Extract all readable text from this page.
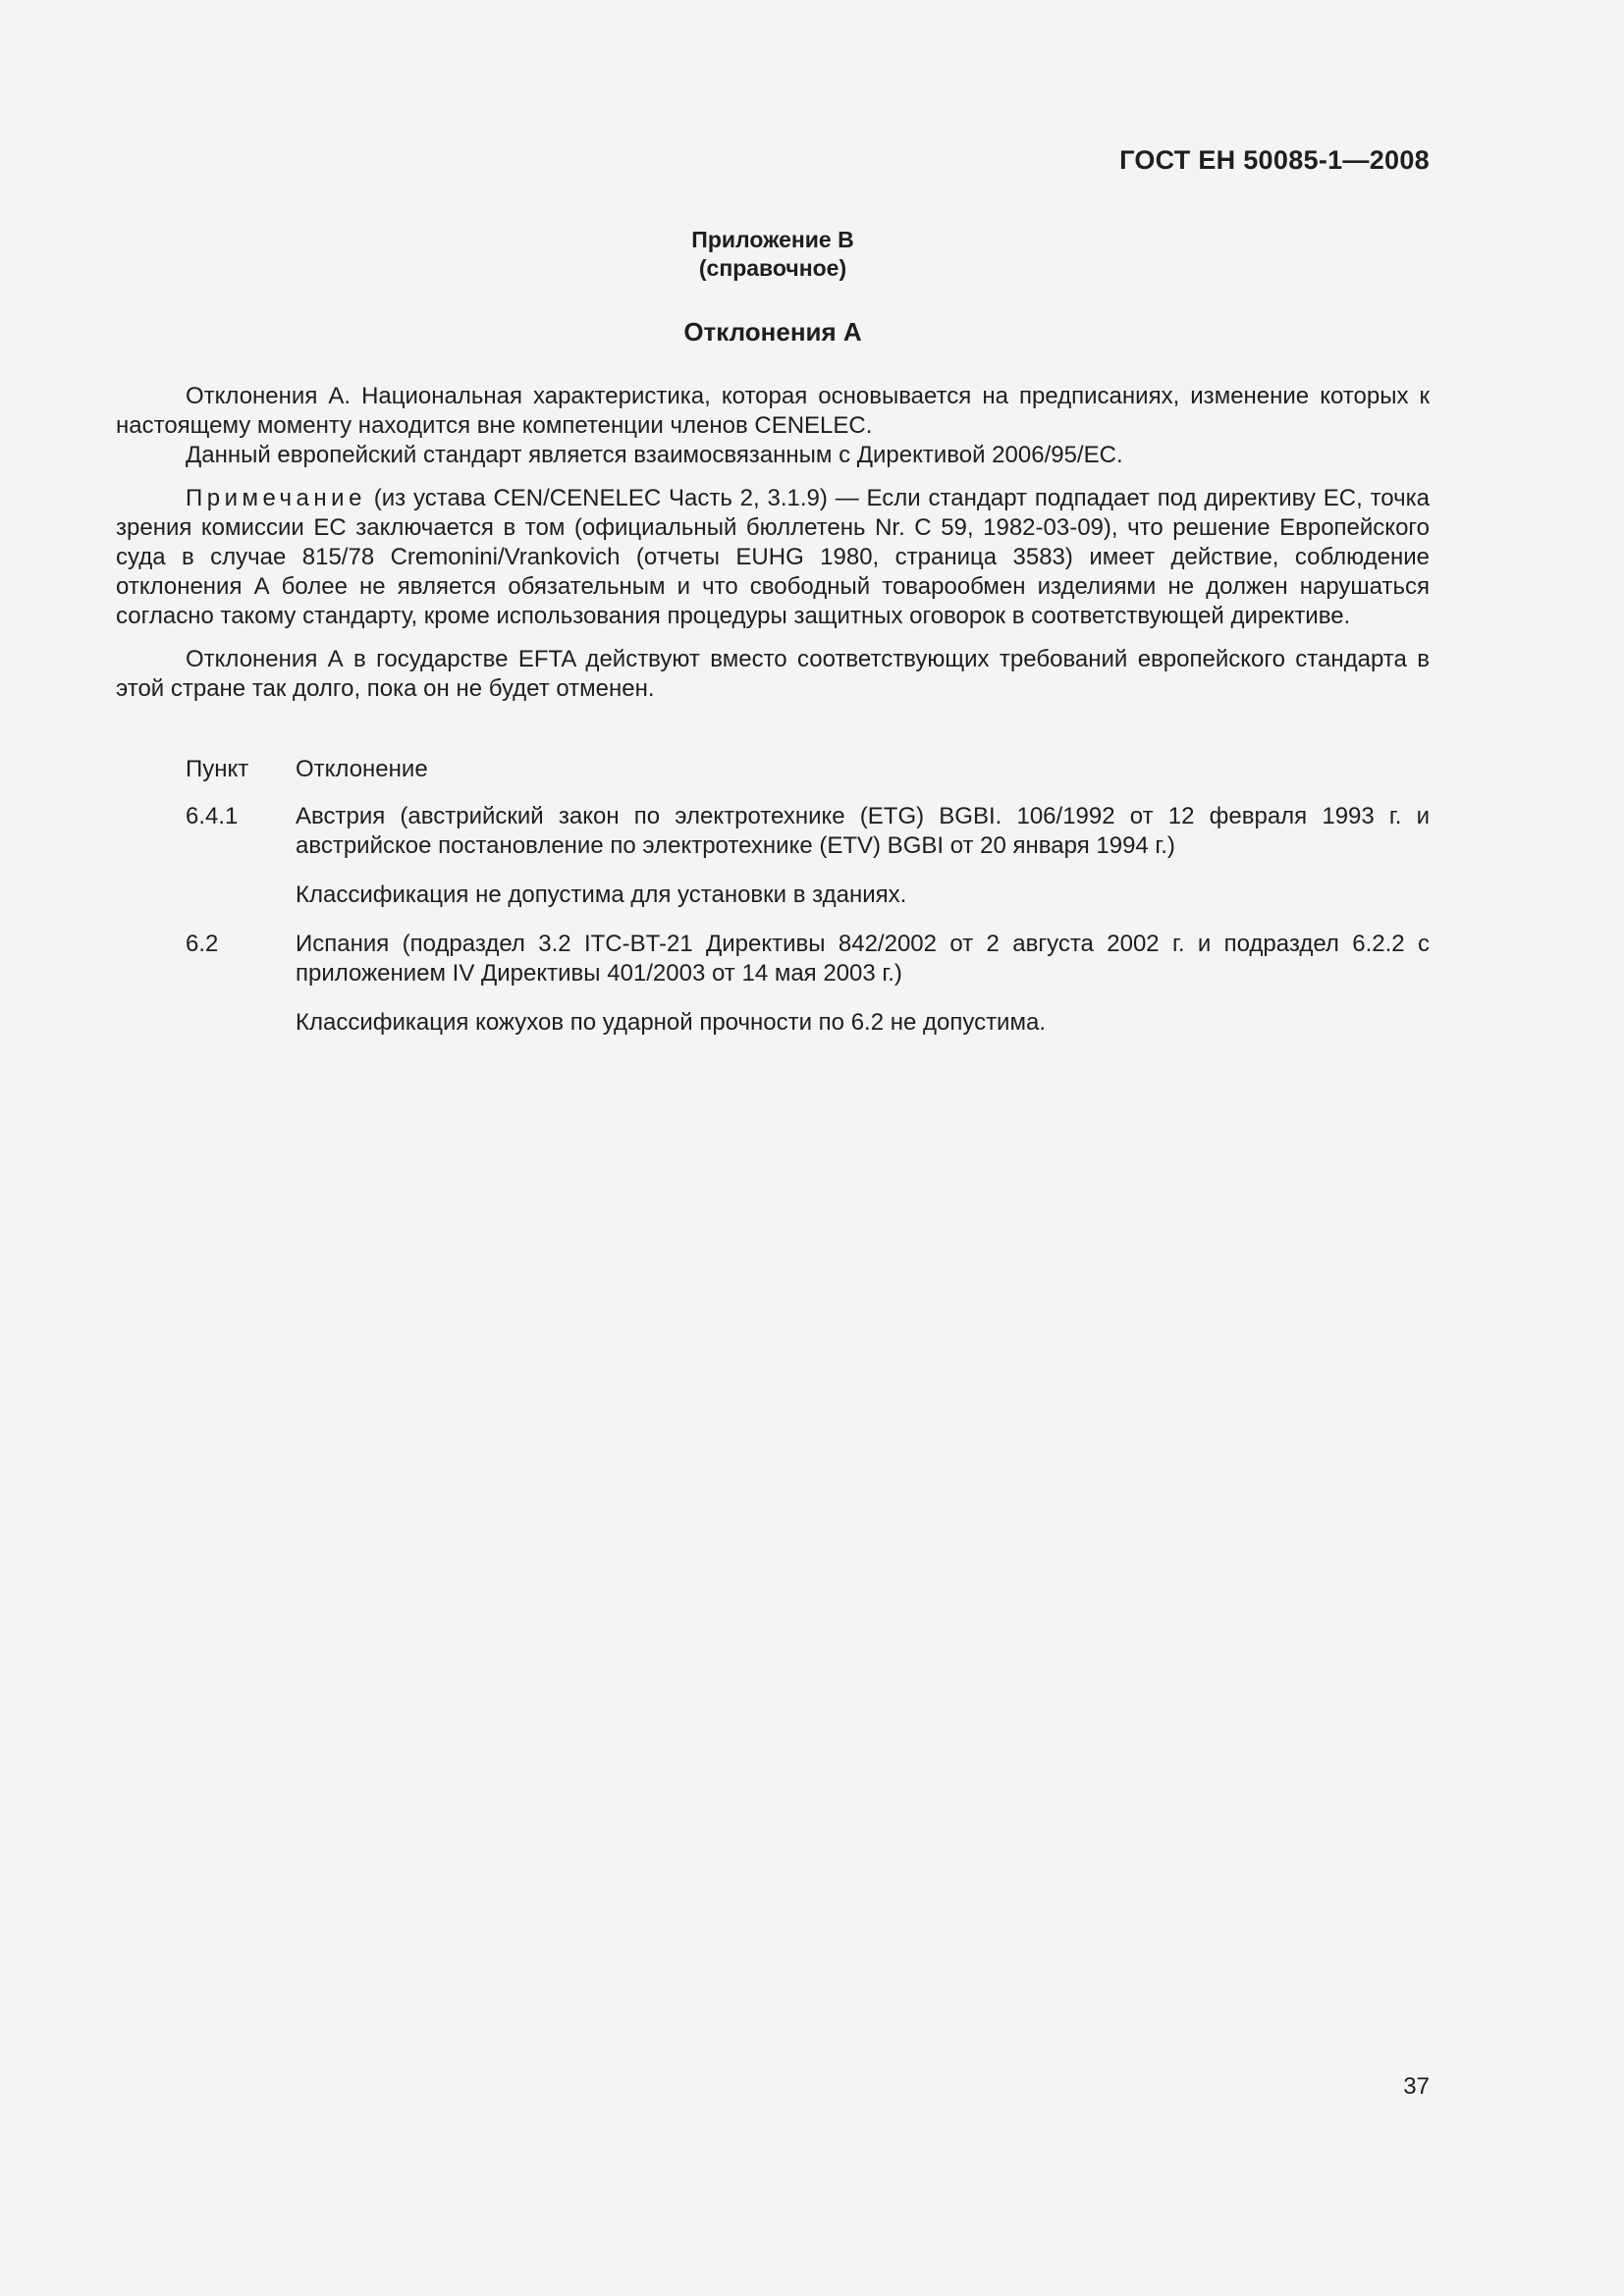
ГОСТ ЕН 50085-1—2008
Приложение В
(справочное)
Отклонения А

Отклонения А. Национальная характеристика, которая основывается на предписаниях, изменение которых к настоящему моменту находится вне компетенции членов CENELEC.

Данный европейский стандарт является взаимосвязанным с Директивой 2006/95/ЕС.

Примечание (из устава CEN/CENELEC Часть 2, 3.1.9) — Если стандарт подпадает под директиву ЕС, точка зрения комиссии ЕС заключается в том (официальный бюллетень Nr. С 59, 1982-03-09), что решение Европейского суда в случае 815/78 Cremonini/Vrankovich (отчеты EUHG 1980, страница 3583) имеет действие, соблюдение отклонения А более не является обязательным и что свободный товарообмен изделиями не должен нарушаться согласно такому стандарту, кроме использования процедуры защитных оговорок в соответствующей директиве.

Отклонения А в государстве EFTA действуют вместо соответствующих требований европейского стандарта в этой стране так долго, пока он не будет отменен.

Пункт	Отклонение
6.4.1	Австрия (австрийский закон по электротехнике (ETG) BGBI. 106/1992 от 12 февраля 1993 г. и австрийское постановление по электротехнике (ETV) BGBI от 20 января 1994 г.)
Классификация не допустима для установки в зданиях.
6.2	Испания (подраздел 3.2 ITC-BT-21 Директивы 842/2002 от 2 августа 2002 г. и подраздел 6.2.2 с приложением IV Директивы 401/2003 от 14 мая 2003 г.)
Классификация кожухов по ударной прочности по 6.2 не допустима.
37
